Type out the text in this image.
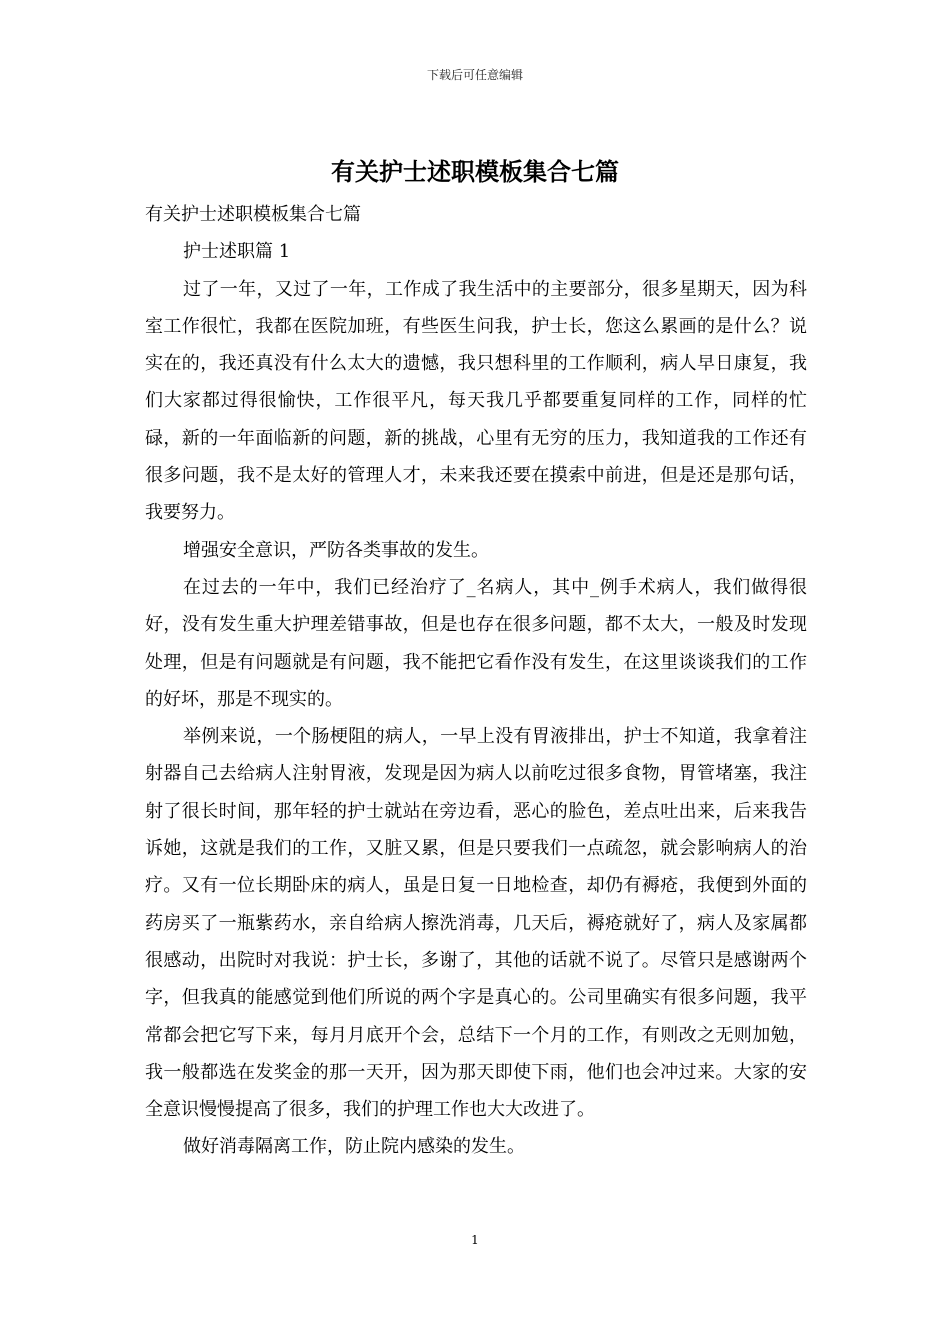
下载后可任意编辑
有关护士述职模板集合七篇

有关护士述职模板集合七篇

护士述职篇 1

过了一年，又过了一年，工作成了我生活中的主要部分，很多星期天，因为科室工作很忙，我都在医院加班，有些医生问我，护士长，您这么累画的是什么？说实在的，我还真没有什么太大的遗憾，我只想科里的工作顺利，病人早日康复，我们大家都过得很愉快，工作很平凡，每天我几乎都要重复同样的工作，同样的忙碌，新的一年面临新的问题，新的挑战，心里有无穷的压力，我知道我的工作还有很多问题，我不是太好的管理人才，未来我还要在摸索中前进，但是还是那句话，我要努力。

增强安全意识，严防各类事故的发生。

在过去的一年中，我们已经治疗了_名病人，其中_例手术病人，我们做得很好，没有发生重大护理差错事故，但是也存在很多问题，都不太大，一般及时发现处理，但是有问题就是有问题，我不能把它看作没有发生，在这里谈谈我们的工作的好坏，那是不现实的。

举例来说，一个肠梗阻的病人，一早上没有胃液排出，护士不知道，我拿着注射器自己去给病人注射胃液，发现是因为病人以前吃过很多食物，胃管堵塞，我注射了很长时间，那年轻的护士就站在旁边看，恶心的脸色，差点吐出来，后来我告诉她，这就是我们的工作，又脏又累，但是只要我们一点疏忽，就会影响病人的治疗。又有一位长期卧床的病人，虽是日复一日地检查，却仍有褥疮，我便到外面的药房买了一瓶紫药水，亲自给病人擦洗消毒，几天后，褥疮就好了，病人及家属都很感动，出院时对我说：护士长，多谢了，其他的话就不说了。尽管只是感谢两个字，但我真的能感觉到他们所说的两个字是真心的。公司里确实有很多问题，我平常都会把它写下来，每月月底开个会，总结下一个月的工作，有则改之无则加勉，我一般都选在发奖金的那一天开，因为那天即使下雨，他们也会冲过来。大家的安全意识慢慢提高了很多，我们的护理工作也大大改进了。

做好消毒隔离工作，防止院内感染的发生。

1
